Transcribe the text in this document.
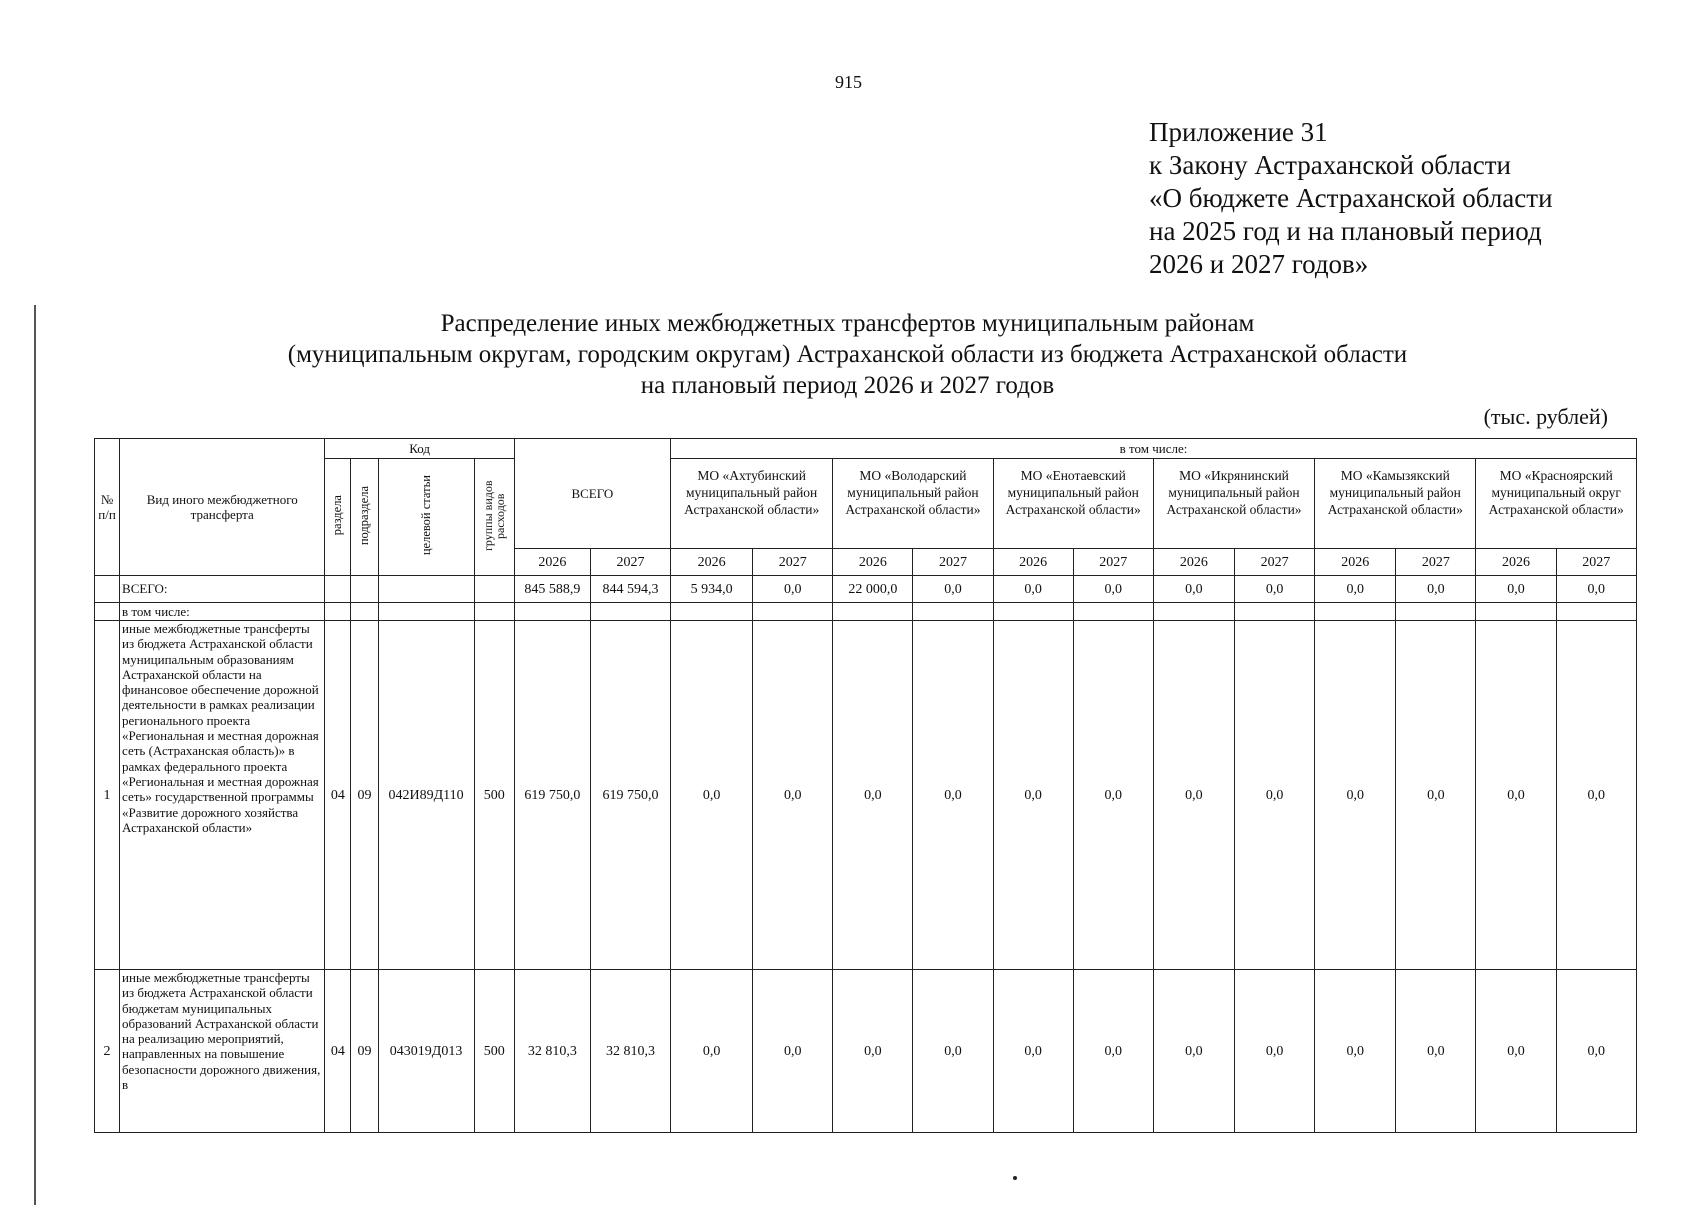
915
Приложение 31
к Закону Астраханской области
«О бюджете Астраханской области
на 2025 год и на плановый период
2026 и 2027 годов»
Распределение иных межбюджетных трансфертов муниципальным районам
(муниципальным округам, городским округам) Астраханской области из бюджета Астраханской области
на плановый период 2026 и 2027 годов
(тыс. рублей)
№ п/п	Вид иного межбюджетного трансферта	Код				ВСЕГО		в том числе:											
		раздела	подраздела	целевой статьи	группы видов расходов			МО «Ахтубинский муниципальный район Астраханской области»		МО «Володарский муниципальный район Астраханской области»		МО «Енотаевский муниципальный район Астраханской области»		МО «Икрянинский муниципальный район Астраханской области»		МО «Камызякский муниципальный район Астраханской области»		МО «Красноярский муниципальный округ Астраханской области»	
						2026	2027	2026	2027	2026	2027	2026	2027	2026	2027	2026	2027	2026	2027
	ВСЕГО:					845 588,9	844 594,3	5 934,0	0,0	22 000,0	0,0	0,0	0,0	0,0	0,0	0,0	0,0	0,0	0,0
	в том числе:																		
1	иные межбюджетные трансферты из бюджета Астраханской области муниципальным образованиям Астраханской области на финансовое обеспечение дорожной деятельности в рамках реализации регионального проекта «Региональная и местная дорожная сеть (Астраханская область)» в рамках федерального проекта «Региональная и местная дорожная сеть» государственной программы «Развитие дорожного хозяйства Астраханской области»	04	09	042И89Д110	500	619 750,0	619 750,0	0,0	0,0	0,0	0,0	0,0	0,0	0,0	0,0	0,0	0,0	0,0	0,0
2	иные межбюджетные трансферты из бюджета Астраханской области бюджетам муниципальных образований Астраханской области на реализацию мероприятий, направленных на повышение безопасности дорожного движения, в	04	09	043019Д013	500	32 810,3	32 810,3	0,0	0,0	0,0	0,0	0,0	0,0	0,0	0,0	0,0	0,0	0,0	0,0
